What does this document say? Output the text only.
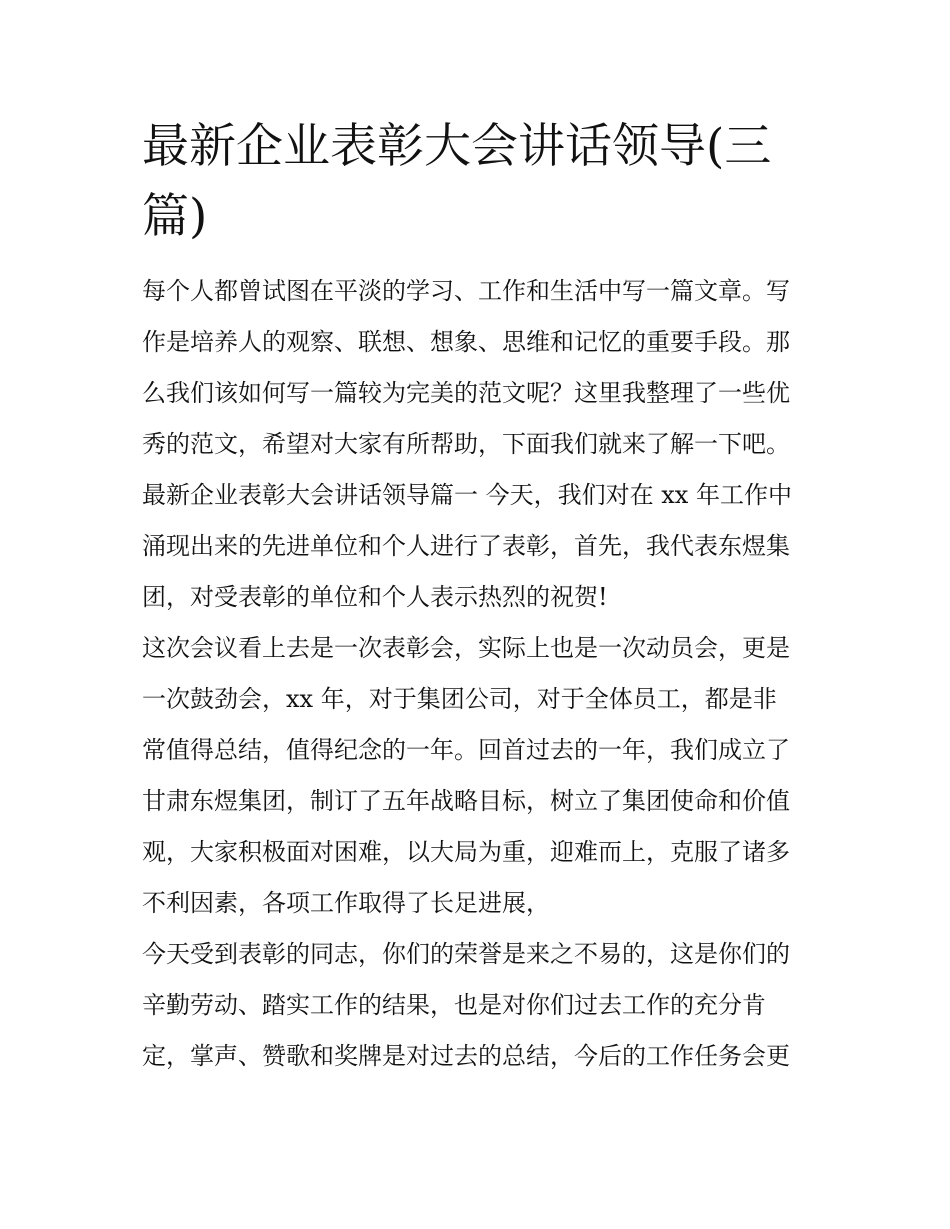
最新企业表彰大会讲话领导(三
篇)
每个人都曾试图在平淡的学习、工作和生活中写一篇文章。写
作是培养人的观察、联想、想象、思维和记忆的重要手段。那
么我们该如何写一篇较为完美的范文呢？这里我整理了一些优
秀的范文，希望对大家有所帮助，下面我们就来了解一下吧。
最新企业表彰大会讲话领导篇一 今天，我们对在 xx 年工作中
涌现出来的先进单位和个人进行了表彰，首先，我代表东煜集
团，对受表彰的单位和个人表示热烈的祝贺!
这次会议看上去是一次表彰会，实际上也是一次动员会，更是
一次鼓劲会，xx 年，对于集团公司，对于全体员工，都是非
常值得总结，值得纪念的一年。回首过去的一年，我们成立了
甘肃东煜集团，制订了五年战略目标，树立了集团使命和价值
观，大家积极面对困难，以大局为重，迎难而上，克服了诸多
不利因素，各项工作取得了长足进展，
今天受到表彰的同志，你们的荣誉是来之不易的，这是你们的
辛勤劳动、踏实工作的结果，也是对你们过去工作的充分肯
定，掌声、赞歌和奖牌是对过去的总结，今后的工作任务会更
